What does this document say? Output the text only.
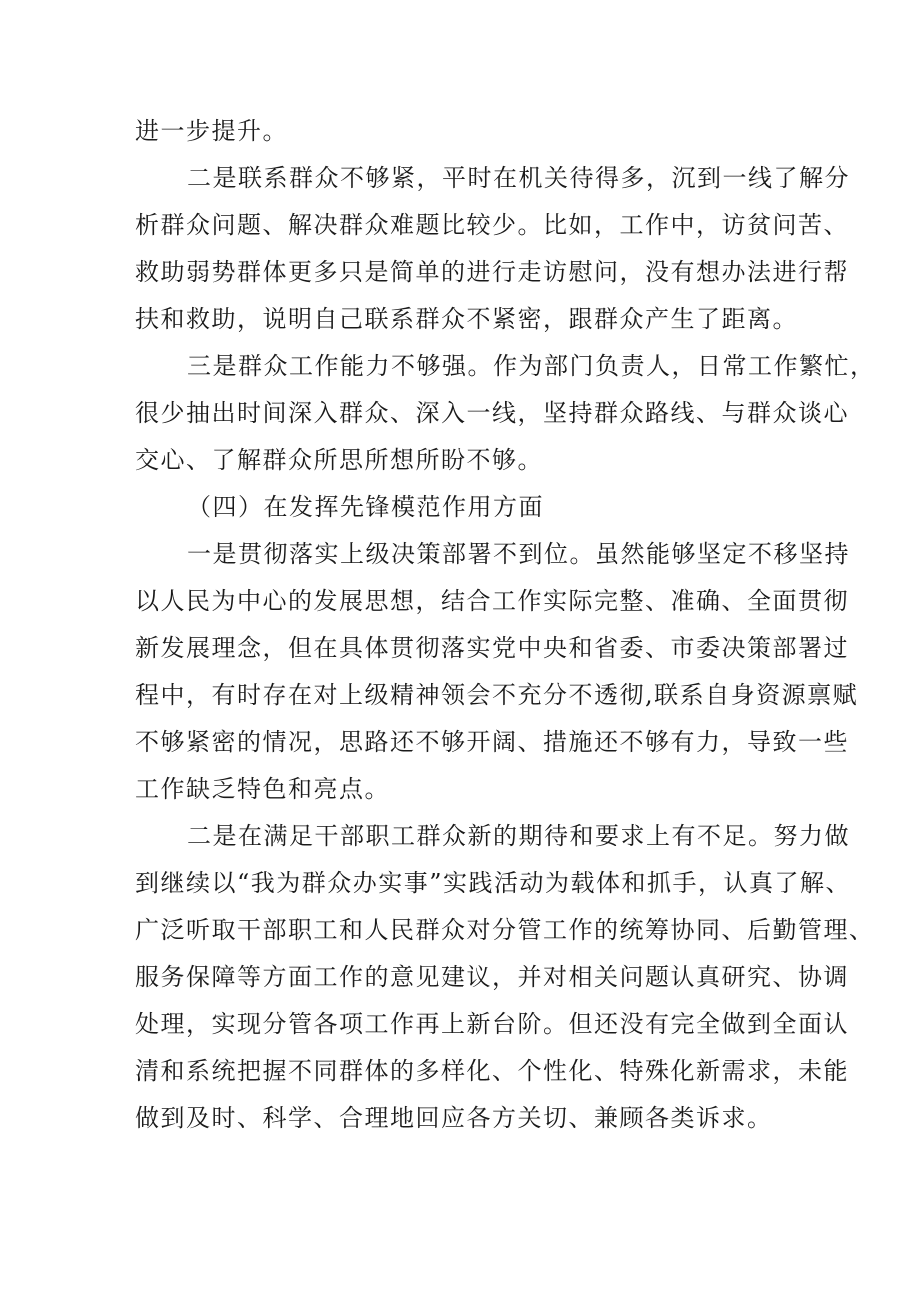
进一步提升。

二是联系群众不够紧，平时在机关待得多，沉到一线了解分
析群众问题、解决群众难题比较少。比如，工作中，访贫问苦、
救助弱势群体更多只是简单的进行走访慰问，没有想办法进行帮
扶和救助，说明自己联系群众不紧密，跟群众产生了距离。

三是群众工作能力不够强。作为部门负责人，日常工作繁忙，
很少抽出时间深入群众、深入一线，坚持群众路线、与群众谈心
交心、了解群众所思所想所盼不够。

（四）在发挥先锋模范作用方面

一是贯彻落实上级决策部署不到位。虽然能够坚定不移坚持
以人民为中心的发展思想，结合工作实际完整、准确、全面贯彻
新发展理念，但在具体贯彻落实党中央和省委、市委决策部署过
程中，有时存在对上级精神领会不充分不透彻,联系自身资源禀赋
不够紧密的情况，思路还不够开阔、措施还不够有力，导致一些
工作缺乏特色和亮点。

二是在满足干部职工群众新的期待和要求上有不足。努力做
到继续以“我为群众办实事”实践活动为载体和抓手，认真了解、
广泛听取干部职工和人民群众对分管工作的统筹协同、后勤管理、
服务保障等方面工作的意见建议，并对相关问题认真研究、协调
处理，实现分管各项工作再上新台阶。但还没有完全做到全面认
清和系统把握不同群体的多样化、个性化、特殊化新需求，未能
做到及时、科学、合理地回应各方关切、兼顾各类诉求。
